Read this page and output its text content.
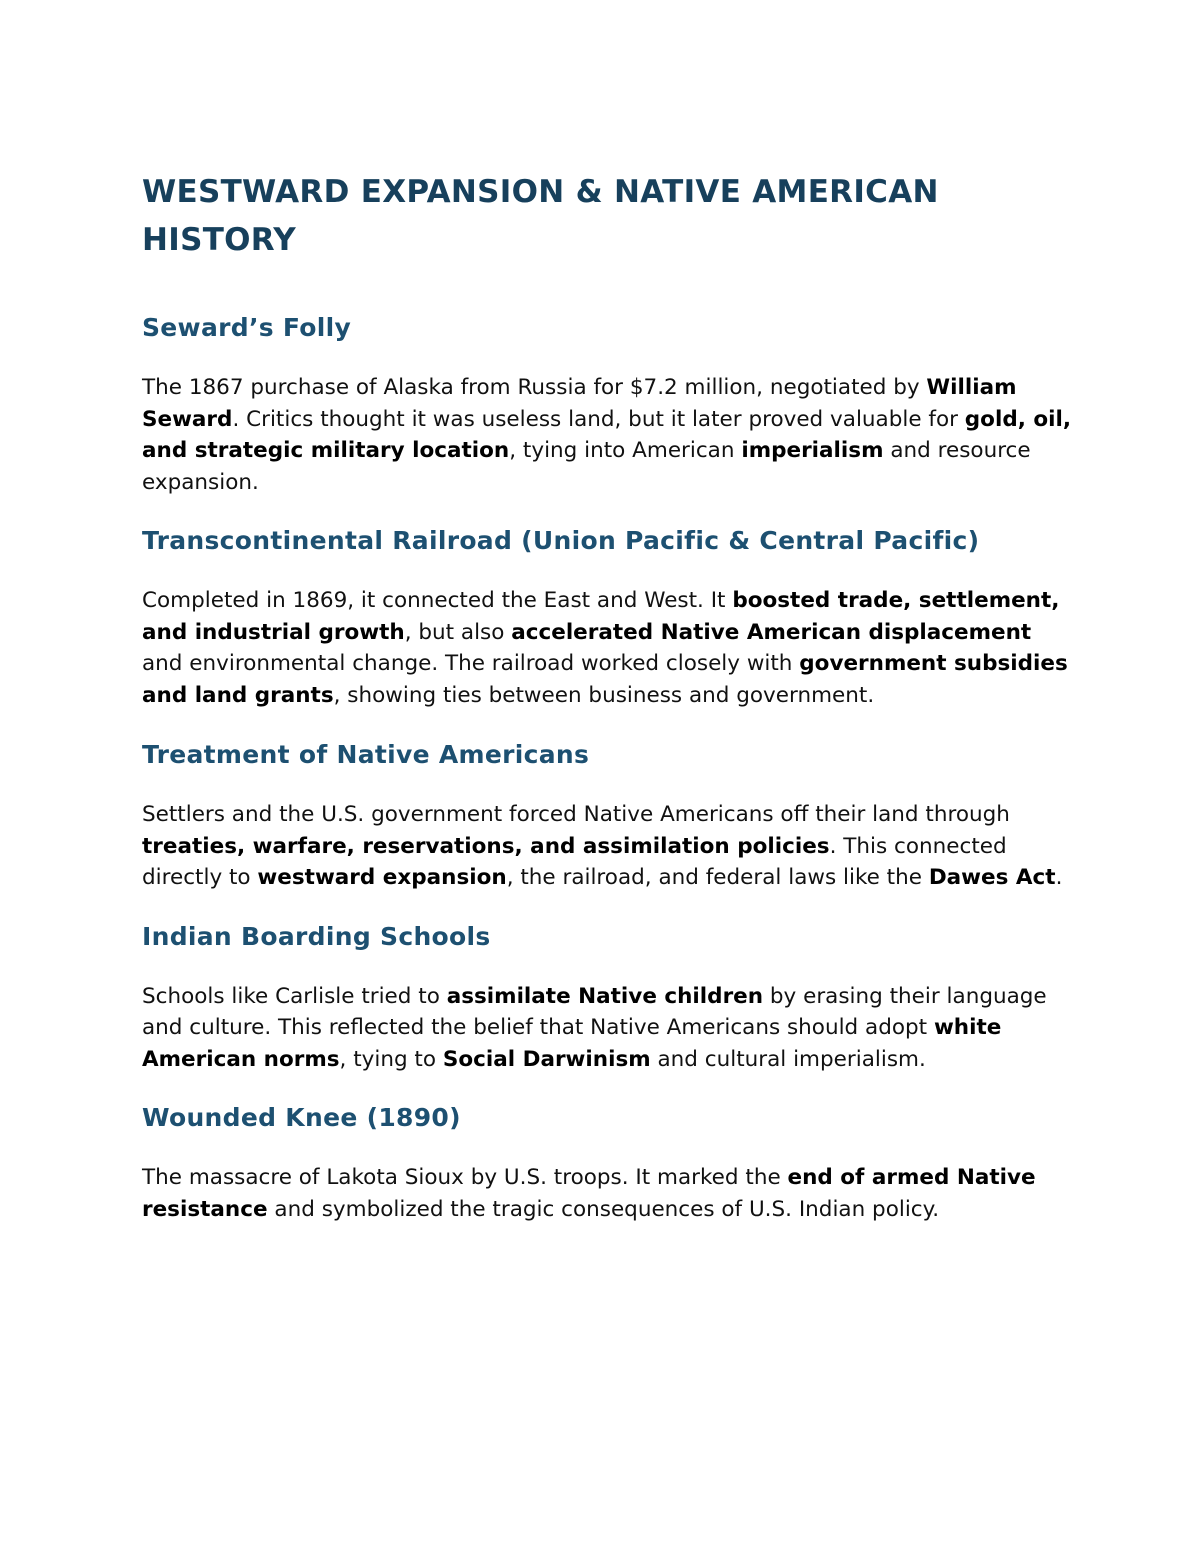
WESTWARD EXPANSION & NATIVE AMERICAN HISTORY
Seward’s Folly

The 1867 purchase of Alaska from Russia for $7.2 million, negotiated by William Seward. Critics thought it was useless land, but it later proved valuable for gold, oil, and strategic military location, tying into American imperialism and resource expansion.

Transcontinental Railroad (Union Pacific & Central Pacific)

Completed in 1869, it connected the East and West. It boosted trade, settlement, and industrial growth, but also accelerated Native American displacement and environmental change. The railroad worked closely with government subsidies and land grants, showing ties between business and government.

Treatment of Native Americans

Settlers and the U.S. government forced Native Americans off their land through treaties, warfare, reservations, and assimilation policies. This connected directly to westward expansion, the railroad, and federal laws like the Dawes Act.

Indian Boarding Schools

Schools like Carlisle tried to assimilate Native children by erasing their language and culture. This reflected the belief that Native Americans should adopt white American norms, tying to Social Darwinism and cultural imperialism.

Wounded Knee (1890)

The massacre of Lakota Sioux by U.S. troops. It marked the end of armed Native resistance and symbolized the tragic consequences of U.S. Indian policy.
